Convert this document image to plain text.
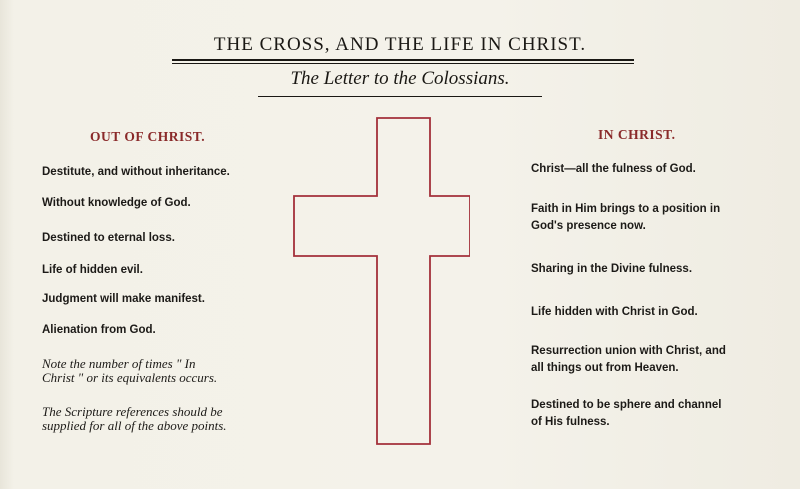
THE CROSS, AND THE LIFE IN CHRIST.
The Letter to the Colossians.
OUT OF CHRIST.	IN CHRIST.
Destitute, and without inheritance.
Without knowledge of God.
Destined to eternal loss.
Life of hidden evil.
Judgment will make manifest.
Alienation from God.
Note the number of times " In
Christ " or its equivalents occurs.
The Scripture references should be
supplied for all of the above points.
Christ—all the fulness of God.
Faith in Him brings to a position in
God's presence now.
Sharing in the Divine fulness.
Life hidden with Christ in God.
Resurrection union with Christ, and
all things out from Heaven.
Destined to be sphere and channel
of His fulness.
